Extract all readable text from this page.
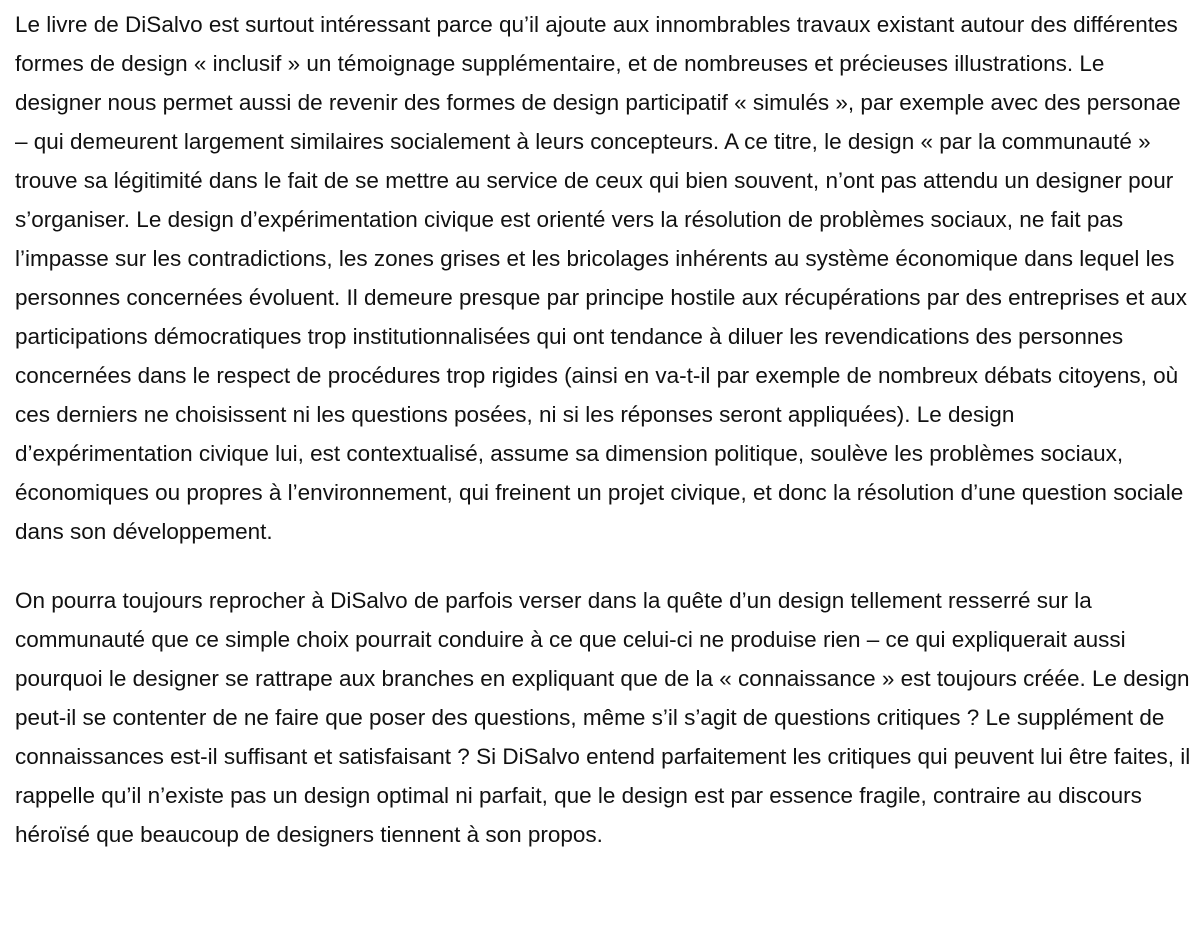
Le livre de DiSalvo est surtout intéressant parce qu’il ajoute aux innombrables travaux existant autour des différentes formes de design « inclusif » un témoignage supplémentaire, et de nombreuses et précieuses illustrations. Le designer nous permet aussi de revenir des formes de design participatif « simulés », par exemple avec des personae – qui demeurent largement similaires socialement à leurs concepteurs. A ce titre, le design « par la communauté » trouve sa légitimité dans le fait de se mettre au service de ceux qui bien souvent, n’ont pas attendu un designer pour s’organiser. Le design d’expérimentation civique est orienté vers la résolution de problèmes sociaux, ne fait pas l’impasse sur les contradictions, les zones grises et les bricolages inhérents au système économique dans lequel les personnes concernées évoluent. Il demeure presque par principe hostile aux récupérations par des entreprises et aux participations démocratiques trop institutionnalisées qui ont tendance à diluer les revendications des personnes concernées dans le respect de procédures trop rigides (ainsi en va-t-il par exemple de nombreux débats citoyens, où ces derniers ne choisissent ni les questions posées, ni si les réponses seront appliquées). Le design d’expérimentation civique lui, est contextualisé, assume sa dimension politique, soulève les problèmes sociaux, économiques ou propres à l’environnement, qui freinent un projet civique, et donc la résolution d’une question sociale dans son développement.

On pourra toujours reprocher à DiSalvo de parfois verser dans la quête d’un design tellement resserré sur la communauté que ce simple choix pourrait conduire à ce que celui-ci ne produise rien – ce qui expliquerait aussi pourquoi le designer se rattrape aux branches en expliquant que de la « connaissance » est toujours créée. Le design peut-il se contenter de ne faire que poser des questions, même s’il s’agit de questions critiques ? Le supplément de connaissances est-il suffisant et satisfaisant ? Si DiSalvo entend parfaitement les critiques qui peuvent lui être faites, il rappelle qu’il n’existe pas un design optimal ni parfait, que le design est par essence fragile, contraire au discours héroïsé que beaucoup de designers tiennent à son propos.
